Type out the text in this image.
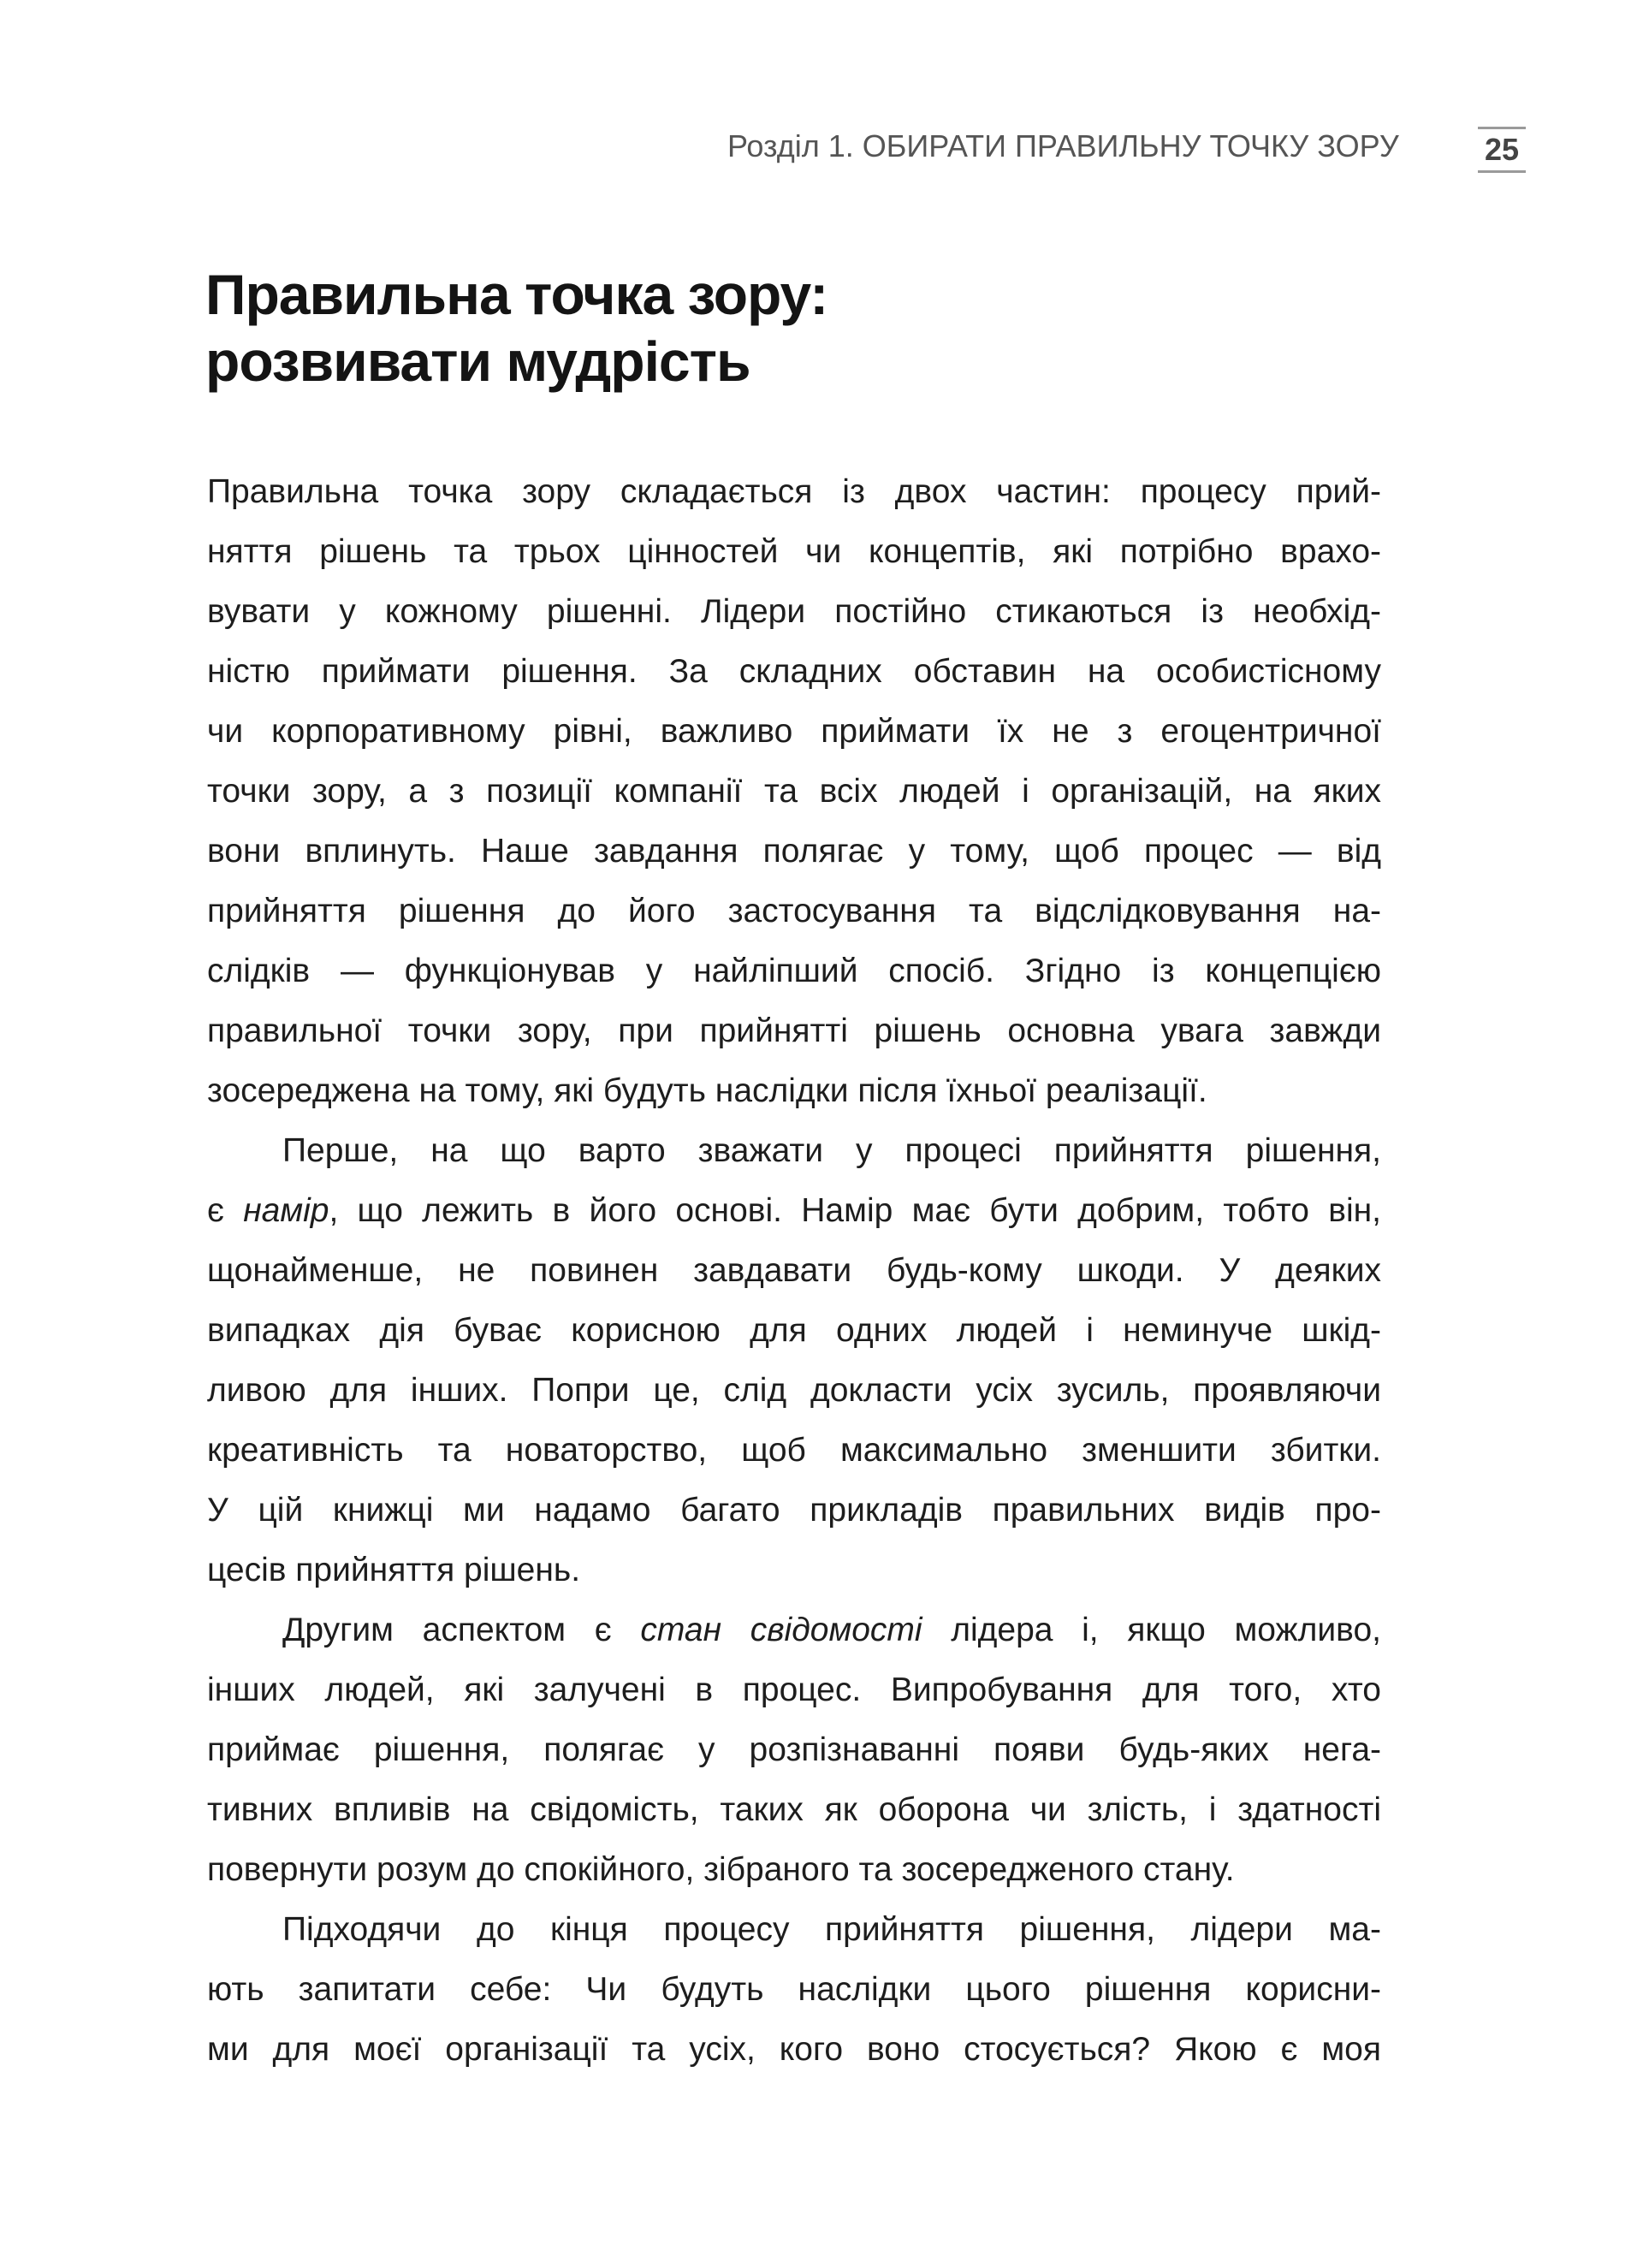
Розділ 1. ОБИРАТИ ПРАВИЛЬНУ ТОЧКУ ЗОРУ	25
Правильна точка зору:
розвивати мудрість
Правильна точка зору складається із двох частин: процесу прий-
няття рішень та трьох цінностей чи концептів, які потрібно врахо-
вувати у кожному рішенні. Лідери постійно стикаються із необхід-
ністю приймати рішення. За складних обставин на особистісному
чи корпоративному рівні, важливо приймати їх не з егоцентричної
точки зору, а з позиції компанії та всіх людей і організацій, на яких
вони вплинуть. Наше завдання полягає у тому, щоб процес — від
прийняття рішення до його застосування та відслідковування на-
слідків — функціонував у найліпший спосіб. Згідно із концепцією
правильної точки зору, при прийнятті рішень основна увага завжди
зосереджена на тому, які будуть наслідки після їхньої реалізації.
Перше, на що варто зважати у процесі прийняття рішення,
є намір, що лежить в його основі. Намір має бути добрим, тобто він,
щонайменше, не повинен завдавати будь-кому шкоди. У деяких
випадках дія буває корисною для одних людей і неминуче шкід-
ливою для інших. Попри це, слід докласти усіх зусиль, проявляючи
креативність та новаторство, щоб максимально зменшити збитки.
У цій книжці ми надамо багато прикладів правильних видів про-
цесів прийняття рішень.
Другим аспектом є стан свідомості лідера і, якщо можливо,
інших людей, які залучені в процес. Випробування для того, хто
приймає рішення, полягає у розпізнаванні появи будь-яких нега-
тивних впливів на свідомість, таких як оборона чи злість, і здатності
повернути розум до спокійного, зібраного та зосередженого стану.
Підходячи до кінця процесу прийняття рішення, лідери ма-
ють запитати себе: Чи будуть наслідки цього рішення корисни-
ми для моєї організації та усіх, кого воно стосується? Якою є моя
